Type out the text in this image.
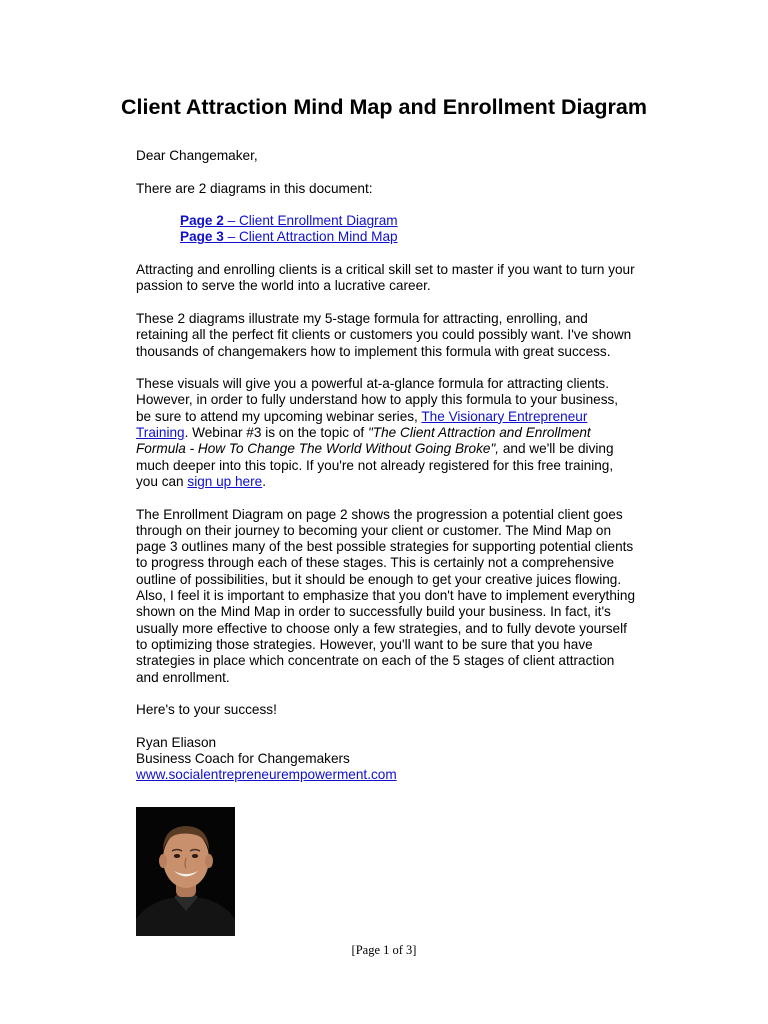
Client Attraction Mind Map and Enrollment Diagram

Dear Changemaker,

There are 2 diagrams in this document:

Page 2 – Client Enrollment Diagram
Page 3 – Client Attraction Mind Map

Attracting and enrolling clients is a critical skill set to master if you want to turn your passion to serve the world into a lucrative career.

These 2 diagrams illustrate my 5-stage formula for attracting, enrolling, and retaining all the perfect fit clients or customers you could possibly want. I've shown thousands of changemakers how to implement this formula with great success.

These visuals will give you a powerful at-a-glance formula for attracting clients. However, in order to fully understand how to apply this formula to your business, be sure to attend my upcoming webinar series, The Visionary Entrepreneur Training. Webinar #3 is on the topic of "The Client Attraction and Enrollment Formula - How To Change The World Without Going Broke", and we'll be diving much deeper into this topic. If you're not already registered for this free training, you can sign up here.

The Enrollment Diagram on page 2 shows the progression a potential client goes through on their journey to becoming your client or customer. The Mind Map on page 3 outlines many of the best possible strategies for supporting potential clients to progress through each of these stages. This is certainly not a comprehensive outline of possibilities, but it should be enough to get your creative juices flowing. Also, I feel it is important to emphasize that you don't have to implement everything shown on the Mind Map in order to successfully build your business. In fact, it's usually more effective to choose only a few strategies, and to fully devote yourself to optimizing those strategies. However, you'll want to be sure that you have strategies in place which concentrate on each of the 5 stages of client attraction and enrollment.

Here's to your success!

Ryan Eliason
Business Coach for Changemakers
www.socialentrepreneurempowerment.com
[Page 1 of 3]
